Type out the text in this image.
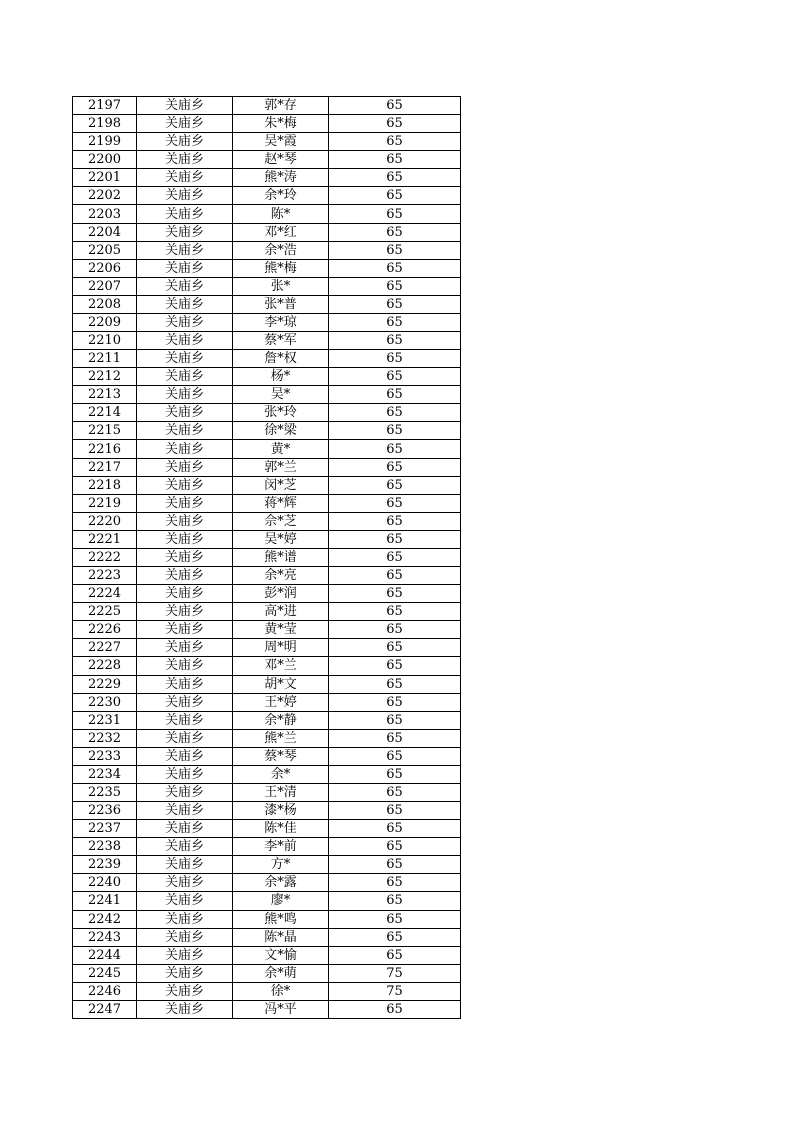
2197	关庙乡	郭*存	65
2198	关庙乡	朱*梅	65
2199	关庙乡	吴*霞	65
2200	关庙乡	赵*琴	65
2201	关庙乡	熊*涛	65
2202	关庙乡	余*玲	65
2203	关庙乡	陈*	65
2204	关庙乡	邓*红	65
2205	关庙乡	余*浩	65
2206	关庙乡	熊*梅	65
2207	关庙乡	张*	65
2208	关庙乡	张*普	65
2209	关庙乡	李*琼	65
2210	关庙乡	蔡*军	65
2211	关庙乡	詹*权	65
2212	关庙乡	杨*	65
2213	关庙乡	吴*	65
2214	关庙乡	张*玲	65
2215	关庙乡	徐*梁	65
2216	关庙乡	黄*	65
2217	关庙乡	郭*兰	65
2218	关庙乡	闵*芝	65
2219	关庙乡	蒋*辉	65
2220	关庙乡	佘*芝	65
2221	关庙乡	吴*婷	65
2222	关庙乡	熊*谱	65
2223	关庙乡	余*亮	65
2224	关庙乡	彭*润	65
2225	关庙乡	高*进	65
2226	关庙乡	黄*莹	65
2227	关庙乡	周*明	65
2228	关庙乡	邓*兰	65
2229	关庙乡	胡*文	65
2230	关庙乡	王*婷	65
2231	关庙乡	余*静	65
2232	关庙乡	熊*兰	65
2233	关庙乡	蔡*琴	65
2234	关庙乡	余*	65
2235	关庙乡	王*清	65
2236	关庙乡	漆*杨	65
2237	关庙乡	陈*佳	65
2238	关庙乡	李*前	65
2239	关庙乡	方*	65
2240	关庙乡	余*露	65
2241	关庙乡	廖*	65
2242	关庙乡	熊*鸣	65
2243	关庙乡	陈*晶	65
2244	关庙乡	文*愉	65
2245	关庙乡	余*萌	75
2246	关庙乡	徐*	75
2247	关庙乡	冯*平	65
